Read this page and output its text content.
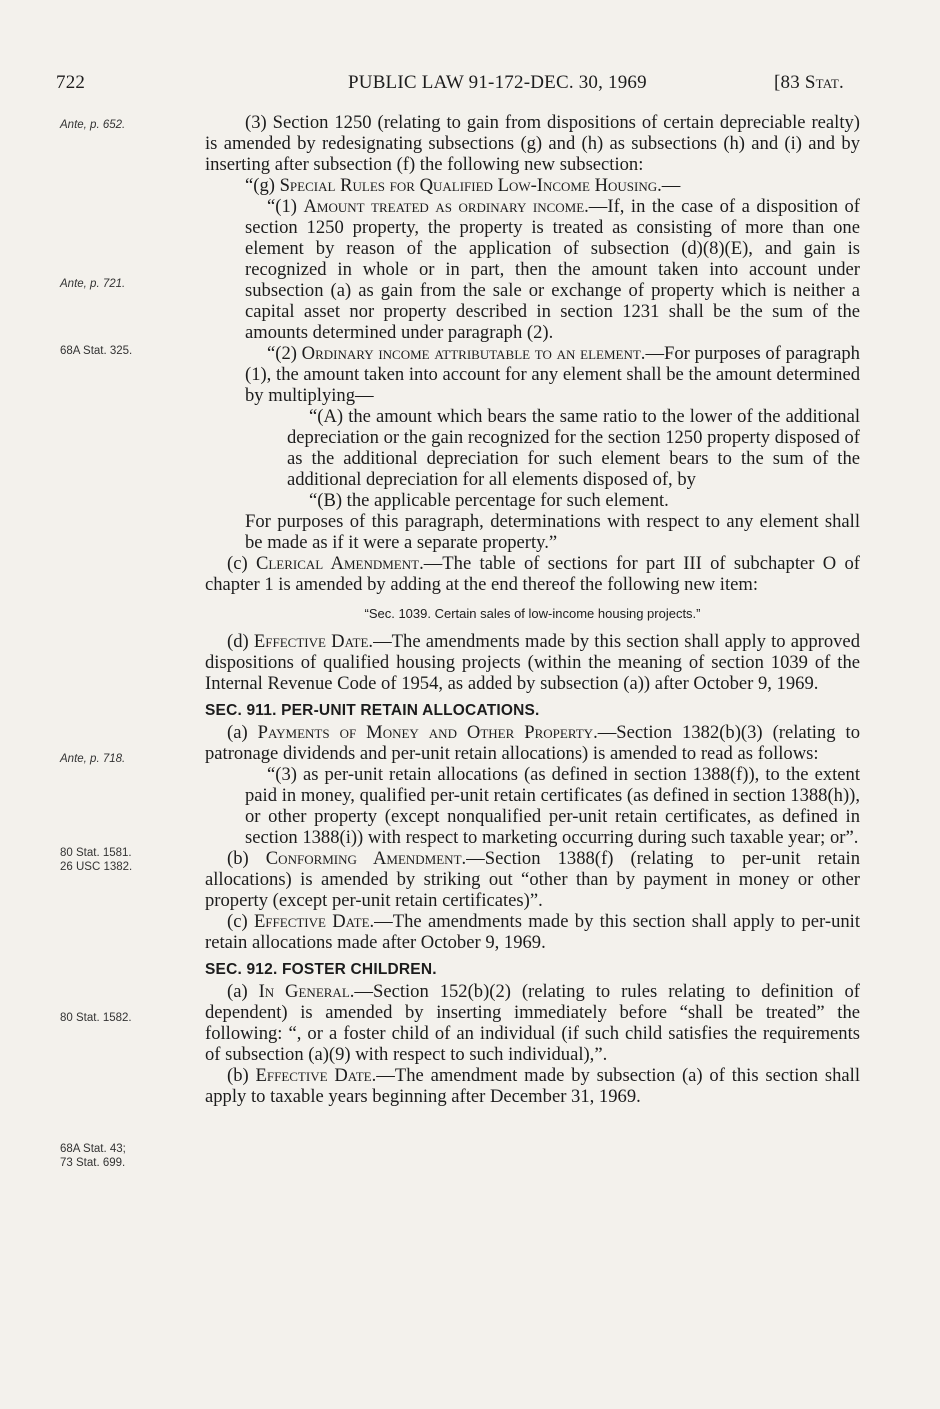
722	PUBLIC LAW 91-172-DEC. 30, 1969	[83 Stat.
Ante, p. 652.
Ante, p. 721.
68A Stat. 325.
Ante, p. 718.
80 Stat. 1581.
26 USC 1382.
80 Stat. 1582.
68A Stat. 43;
73 Stat. 699.

(3) Section 1250 (relating to gain from dispositions of certain depreciable realty) is amended by redesignating subsections (g) and (h) as subsections (h) and (i) and by inserting after subsection (f) the following new subsection:

“(g) Special Rules for Qualified Low-Income Housing.—

“(1) Amount treated as ordinary income.—If, in the case of a disposition of section 1250 property, the property is treated as consisting of more than one element by reason of the application of subsection (d)(8)(E), and gain is recognized in whole or in part, then the amount taken into account under subsection (a) as gain from the sale or exchange of property which is neither a capital asset nor property described in section 1231 shall be the sum of the amounts determined under paragraph (2).

“(2) Ordinary income attributable to an element.—For purposes of paragraph (1), the amount taken into account for any element shall be the amount determined by multiplying—

“(A) the amount which bears the same ratio to the lower of the additional depreciation or the gain recognized for the section 1250 property disposed of as the additional depreciation for such element bears to the sum of the additional depreciation for all elements disposed of, by

“(B) the applicable percentage for such element.

For purposes of this paragraph, determinations with respect to any element shall be made as if it were a separate property.”

(c) Clerical Amendment.—The table of sections for part III of subchapter O of chapter 1 is amended by adding at the end thereof the following new item:

“Sec. 1039. Certain sales of low-income housing projects.”

(d) Effective Date.—The amendments made by this section shall apply to approved dispositions of qualified housing projects (within the meaning of section 1039 of the Internal Revenue Code of 1954, as added by subsection (a)) after October 9, 1969.

SEC. 911. PER-UNIT RETAIN ALLOCATIONS.

(a) Payments of Money and Other Property.—Section 1382(b)(3) (relating to patronage dividends and per-unit retain allocations) is amended to read as follows:

“(3) as per-unit retain allocations (as defined in section 1388(f)), to the extent paid in money, qualified per-unit retain certificates (as defined in section 1388(h)), or other property (except nonqualified per-unit retain certificates, as defined in section 1388(i)) with respect to marketing occurring during such taxable year; or”.

(b) Conforming Amendment.—Section 1388(f) (relating to per-unit retain allocations) is amended by striking out “other than by payment in money or other property (except per-unit retain certificates)”.

(c) Effective Date.—The amendments made by this section shall apply to per-unit retain allocations made after October 9, 1969.

SEC. 912. FOSTER CHILDREN.

(a) In General.—Section 152(b)(2) (relating to rules relating to definition of dependent) is amended by inserting immediately before “shall be treated” the following: “, or a foster child of an individual (if such child satisfies the requirements of subsection (a)(9) with respect to such individual),”.

(b) Effective Date.—The amendment made by subsection (a) of this section shall apply to taxable years beginning after December 31, 1969.
